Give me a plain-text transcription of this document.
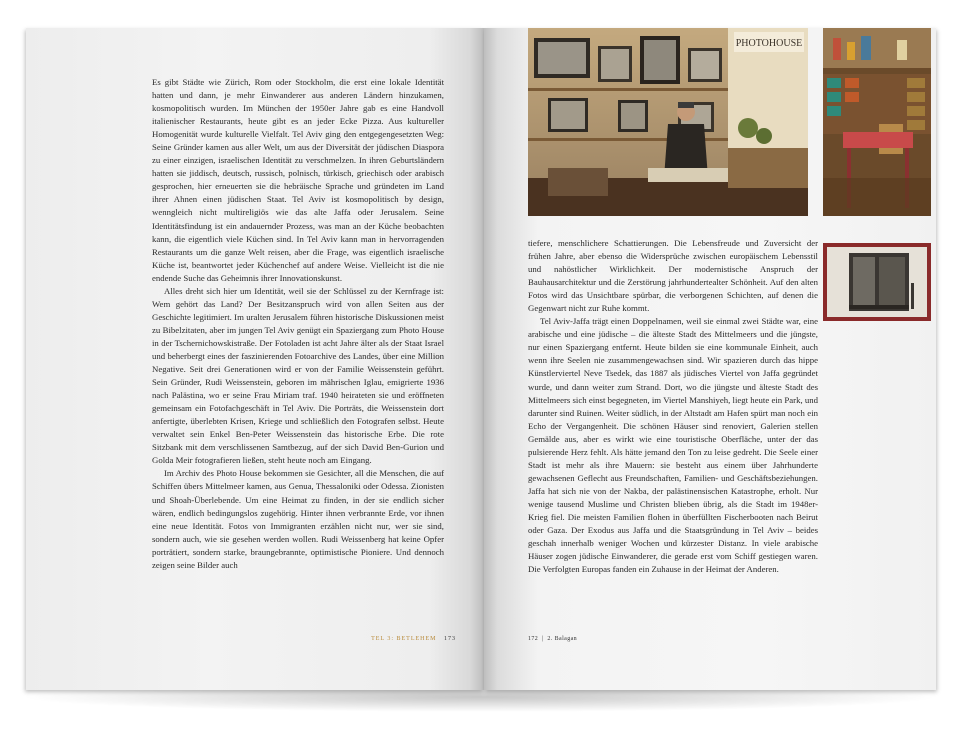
Es gibt Städte wie Zürich, Rom oder Stockholm, die erst eine lokale Identität hatten und dann, je mehr Einwanderer aus anderen Ländern hinzukamen, kosmopolitisch wurden. Im München der 1950er Jahre gab es eine Handvoll italienischer Restaurants, heute gibt es an jeder Ecke Pizza. Aus kultureller Homogenität wurde kulturelle Vielfalt. Tel Aviv ging den entgegengesetzten Weg: Seine Gründer kamen aus aller Welt, um aus der Diversität der jüdischen Diaspora zu einer einzigen, israelischen Identität zu verschmelzen. In ihren Geburtsländern hatten sie jiddisch, deutsch, russisch, polnisch, türkisch, griechisch oder arabisch gesprochen, hier erneuerten sie die hebräische Sprache und gründeten im Land ihrer Ahnen einen jüdischen Staat. Tel Aviv ist kosmopolitisch by design, wenngleich nicht multireligiös wie das alte Jaffa oder Jerusalem. Seine Identitätsfindung ist ein andauernder Prozess, was man an der Küche beobachten kann, die eigentlich viele Küchen sind. In Tel Aviv kann man in hervorragenden Restaurants um die ganze Welt reisen, aber die Frage, was eigentlich israelische Küche ist, beantwortet jeder Küchenchef auf andere Weise. Vielleicht ist die nie endende Suche das Geheimnis ihrer Innovationskunst.

Alles dreht sich hier um Identität, weil sie der Schlüssel zu der Kernfrage ist: Wem gehört das Land? Der Besitzanspruch wird von allen Seiten aus der Geschichte legitimiert. Im uralten Jerusalem führen historische Diskussionen meist zu Bibelzitaten, aber im jungen Tel Aviv genügt ein Spaziergang zum Photo House in der Tschernichowskistraße. Der Fotoladen ist acht Jahre älter als der Staat Israel und beherbergt eines der faszinierenden Fotoarchive des Landes, über eine Million Negative. Seit drei Generationen wird er von der Familie Weissenstein geführt. Sein Gründer, Rudi Weissenstein, geboren im mährischen Iglau, emigrierte 1936 nach Palästina, wo er seine Frau Miriam traf. 1940 heirateten sie und eröffneten gemeinsam ein Fotofachgeschäft in Tel Aviv. Die Porträts, die Weissenstein dort anfertigte, überlebten Krisen, Kriege und schließlich den Fotografen selbst. Heute verwaltet sein Enkel Ben-Peter Weissenstein das historische Erbe. Die rote Sitzbank mit dem verschlissenen Samtbezug, auf der sich David Ben-Gurion und Golda Meir fotografieren ließen, steht heute noch am Eingang.

Im Archiv des Photo House bekommen sie Gesichter, all die Menschen, die auf Schiffen übers Mittelmeer kamen, aus Genua, Thessaloniki oder Odessa. Zionisten und Shoah-Überlebende. Um eine Heimat zu finden, in der sie endlich sicher wären, endlich bedingungslos zugehörig. Hinter ihnen verbrannte Erde, vor ihnen eine neue Identität. Fotos von Immigranten erzählen nicht nur, wer sie sind, sondern auch, wie sie gesehen werden wollen. Rudi Weissenberg hat keine Opfer porträtiert, sondern starke, braungebrannte, optimistische Pioniere. Und dennoch zeigen seine Bilder auch

TEL 3: BETLEHEM 173
PHOTOHOUSE

tiefere, menschlichere Schattierungen. Die Lebensfreude und Zuversicht der frühen Jahre, aber ebenso die Widersprüche zwischen europäischem Lebensstil und nahöstlicher Wirklichkeit. Der modernistische Anspruch der Bauhausarchitektur und die Zerstörung jahrhundertealter Schönheit. Auf den alten Fotos wird das Unsichtbare spürbar, die verborgenen Schichten, auf denen die Gegenwart nicht zur Ruhe kommt.

Tel Aviv-Jaffa trägt einen Doppelnamen, weil sie einmal zwei Städte war, eine arabische und eine jüdische – die älteste Stadt des Mittelmeers und die jüngste, nur einen Spaziergang entfernt. Heute bilden sie eine kommunale Einheit, auch wenn ihre Seelen nie zusammengewachsen sind. Wir spazieren durch das hippe Künstlerviertel Neve Tsedek, das 1887 als jüdisches Viertel von Jaffa gegründet wurde, und dann weiter zum Strand. Dort, wo die jüngste und älteste Stadt des Mittelmeers sich einst begegneten, im Viertel Manshiyeh, liegt heute ein Park, und darunter sind Ruinen. Weiter südlich, in der Altstadt am Hafen spürt man noch ein Echo der Vergangenheit. Die schönen Häuser sind renoviert, Galerien stellen Gemälde aus, aber es wirkt wie eine touristische Oberfläche, unter der das pulsierende Herz fehlt. Als hätte jemand den Ton zu leise gedreht. Die Seele einer Stadt ist mehr als ihre Mauern: sie besteht aus einem über Jahrhunderte gewachsenen Geflecht aus Freundschaften, Familien- und Geschäftsbeziehungen. Jaffa hat sich nie von der Nakba, der palästinensischen Katastrophe, erholt. Nur wenige tausend Muslime und Christen blieben übrig, als die Stadt im 1948er-Krieg fiel. Die meisten Familien flohen in überfüllten Fischerbooten nach Beirut oder Gaza. Der Exodus aus Jaffa und die Staatsgründung in Tel Aviv – beides geschah innerhalb weniger Wochen und kürzester Distanz. In viele arabische Häuser zogen jüdische Einwanderer, die gerade erst vom Schiff gestiegen waren. Die Verfolgten Europas fanden ein Zuhause in der Heimat der Anderen.

172  |  2. Balagan
